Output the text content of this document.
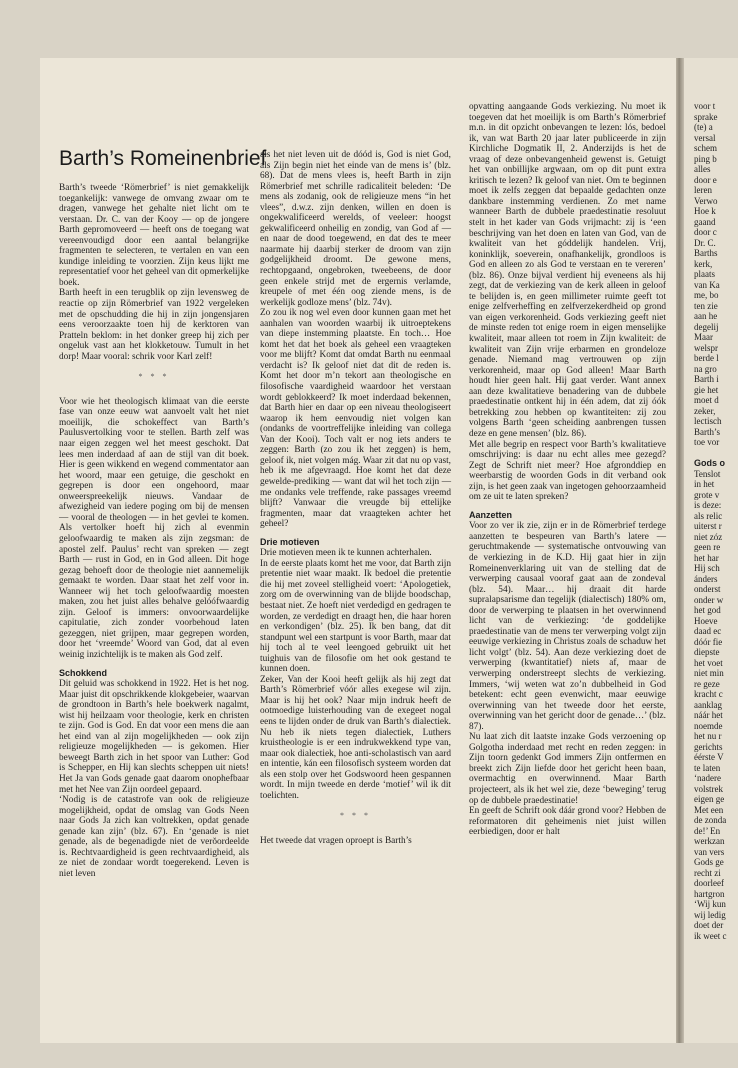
Barth’s Romeinenbrief

Barth’s tweede ‘Römerbrief’ is niet gemakkelijk toegankelijk: vanwege de omvang zwaar om te dragen, vanwege het gehalte niet licht om te verstaan. Dr. C. van der Kooy — op de jongere Barth gepromoveerd — heeft ons de toegang wat vereenvoudigd door een aantal belangrijke fragmenten te selecteren, te vertalen en van een kundige inleiding te voorzien. Zijn keus lijkt me representatief voor het geheel van dit opmerkelijke boek.

Barth heeft in een terugblik op zijn levensweg de reactie op zijn Römerbrief van 1922 vergeleken met de opschudding die hij in zijn jongensjaren eens veroorzaakte toen hij de kerktoren van Pratteln beklom: in het donker greep hij zich per ongeluk vast aan het klokketouw. Tumult in het dorp! Maar vooral: schrik voor Karl zelf!

* * *

Voor wie het theologisch klimaat van die eerste fase van onze eeuw wat aanvoelt valt het niet moeilijk, die schokeffect van Barth’s Paulusvertolking voor te stellen. Barth zelf was naar eigen zeggen wel het meest geschokt. Dat lees men inderdaad af aan de stijl van dit boek. Hier is geen wikkend en wegend commentator aan het woord, maar een getuige, die geschokt en gegrepen is door een ongehoord, maar onweerspreekelijk nieuws. Vandaar de afwezigheid van iedere poging om bij de mensen — vooral de theologen — in het gevlei te komen. Als vertolker hoeft hij zich al evenmin geloofwaardig te maken als zijn zegsman: de apostel zelf. Paulus’ recht van spreken — zegt Barth — rust in God, en in God alleen. Dit hoge gezag behoeft door de theologie niet aannemelijk gemaakt te worden. Daar staat het zelf voor in. Wanneer wij het toch geloofwaardig moesten maken, zou het juist alles behalve gelóófwaardig zijn. Geloof is immers: onvoorwaardelijke capitulatie, zich zonder voorbehoud laten gezeggen, niet grijpen, maar gegrepen worden, door het ‘vreemde’ Woord van God, dat al even weinig inzichtelijk is te maken als God zelf.

Schokkend

Dit geluid was schokkend in 1922. Het is het nog. Maar juist dit opschrikkende klokgebeier, waarvan de grondtoon in Barth’s hele boekwerk nagalmt, wist hij heilzaam voor theologie, kerk en christen te zijn. God is God. En dat voor een mens die aan het eind van al zijn mogelijkheden — ook zijn religieuze mogelijkheden — is gekomen. Hier beweegt Barth zich in het spoor van Luther: God is Schepper, en Hij kan slechts scheppen uit niets! Het Ja van Gods genade gaat daarom onophefbaar met het Nee van Zijn oordeel gepaard.

‘Nodig is de catastrofe van ook de religieuze mogelijkheid, opdat de omslag van Gods Neen naar Gods Ja zich kan voltrekken, opdat genade genade kan zijn’ (blz. 67). En ‘genade is niet genade, als de begenadigde niet de verŏordeelde is. Rechtvaardigheid is geen rechtvaardigheid, als ze niet de zondaar wordt toegerekend. Leven is niet leven

als het niet leven uit de dóód is, God is niet God, als Zijn begin niet het einde van de mens is’ (blz. 68). Dat de mens vlees is, heeft Barth in zijn Römerbrief met schrille radicaliteit beleden: ‘De mens als zodanig, ook de religieuze mens “in het vlees”, d.w.z. zijn denken, willen en doen is ongekwalificeerd werelds, of veeleer: hoogst gekwalificeerd onheilig en zondig, van God af — en naar de dood toegewend, en dat des te meer naarmate hij daarbij sterker de droom van zijn godgelijkheid droomt. De gewone mens, rechtopgaand, ongebroken, tweebeens, de door geen enkele strijd met de ergernis verlamde, kreupele of met één oog ziende mens, is de werkelijk godloze mens’ (blz. 74v).

Zo zou ik nog wel even door kunnen gaan met het aanhalen van woorden waarbij ik uitroeptekens van diepe instemming plaatste. En toch… Hoe komt het dat het boek als geheel een vraagteken voor me blijft? Komt dat omdat Barth nu eenmaal verdacht is? Ik geloof niet dat dit de reden is. Komt het door m’n tekort aan theologische en filosofische vaardigheid waardoor het verstaan wordt geblokkeerd? Ik moet inderdaad bekennen, dat Barth hier en daar op een niveau theologiseert waarop ik hem eenvoudig niet volgen kan (ondanks de voortreffelijke inleiding van collega Van der Kooi). Toch valt er nog iets anders te zeggen: Barth (zo zou ik het zeggen) is hem, geloof ik, niet volgen mág. Waar zit dat nu op vast, heb ik me afgevraagd. Hoe komt het dat deze gewelde-prediking — want dat wil het toch zijn — me ondanks vele treffende, rake passages vreemd blijft? Vanwaar die vreugde bij ettelijke fragmenten, maar dat vraagteken achter het geheel?

Drie motieven

Drie motieven meen ik te kunnen achterhalen.

In de eerste plaats komt het me voor, dat Barth zijn pretentie niet waar maakt. Ik bedoel die pretentie die hij met zoveel stelligheid voert: ‘Apologetiek, zorg om de overwinning van de blijde boodschap, bestaat niet. Ze hoeft niet verdedigd en gedragen te worden, ze verdedigt en draagt hen, die haar horen en verkondigen’ (blz. 25). Ik ben bang, dat dit standpunt wel een startpunt is voor Barth, maar dat hij toch al te veel leengoed gebruikt uit het tuighuis van de filosofie om het ook gestand te kunnen doen.

Zeker, Van der Kooi heeft gelijk als hij zegt dat Barth’s Römerbrief vóór alles exegese wil zijn. Maar is hij het ook? Naar mijn indruk heeft de ootmoedige luisterhouding van de exegeet nogal eens te lijden onder de druk van Barth’s dialectiek. Nu heb ik niets tegen dialectiek, Luthers kruistheologie is er een indrukwekkend type van, maar ook dialectiek, hoe anti-scholastisch van aard en intentie, kán een filosofisch systeem worden dat als een stolp over het Godswoord heen gespannen wordt. In mijn tweede en derde ‘motief’ wil ik dit toelichten.

* * *

Het tweede dat vragen oproept is Barth’s

opvatting aangaande Gods verkiezing. Nu moet ik toegeven dat het moeilijk is om Barth’s Römerbrief m.n. in dit opzicht onbevangen te lezen: lós, bedoel ik, van wat Barth 20 jaar later publiceerde in zijn Kirchliche Dogmatik II, 2. Anderzijds is het de vraag of deze onbevangenheid gewenst is. Getuigt het van onbillijke argwaan, om op dit punt extra kritisch te lezen? Ik geloof van niet. Om te beginnen moet ik zelfs zeggen dat bepaalde gedachten onze dankbare instemming verdienen. Zo met name wanneer Barth de dubbele praedestinatie resoluut stelt in het kader van Gods vrijmacht: zij is ‘een beschrijving van het doen en laten van God, van de kwaliteit van het góddelijk handelen. Vrij, koninklijk, soeverein, onafhankelijk, grondloos is God en alleen zo als God te verstaan en te vereren’ (blz. 86). Onze bijval verdient hij eveneens als hij zegt, dat de verkiezing van de kerk alleen in geloof te belijden is, en geen millimeter ruimte geeft tot enige zelfverheffing en zelfverzekerdheid op grond van eigen verkorenheid. Gods verkiezing geeft niet de minste reden tot enige roem in eigen menselijke kwaliteit, maar alleen tot roem in Zijn kwaliteit: de kwaliteit van Zijn vrije erbarmen en grondeloze genade. Niemand mag vertrouwen op zijn verkorenheid, maar op God alleen! Maar Barth houdt hier geen halt. Hij gaat verder. Want annex aan deze kwalitatieve benadering van de dubbele praedestinatie ontkent hij in één adem, dat zij óók betrekking zou hebben op kwantiteiten: zij zou volgens Barth ‘geen scheiding aanbrengen tussen deze en gene mensen’ (blz. 86).

Met alle begrip en respect voor Barth’s kwalitatieve omschrijving: is daar nu echt alles mee gezegd? Zegt de Schrift niet meer? Hoe afgronddiep en weerbarstig de woorden Gods in dit verband ook zijn, is het geen zaak van ingetogen gehoorzaamheid om ze uit te laten spreken?

Aanzetten

Voor zo ver ik zie, zijn er in de Römerbrief terdege aanzetten te bespeuren van Barth’s latere — geruchtmakende — systematische ontvouwing van de verkiezing in de K.D. Hij gaat hier in zijn Romeinenverklaring uit van de stelling dat de verwerping causaal vooraf gaat aan de zondeval (blz. 54). Maar… hij draait dit harde supralapsarisme dan tegelijk (dialectisch) 180% om, door de verwerping te plaatsen in het overwinnend licht van de verkiezing: ‘de goddelijke praedestinatie van de mens ter verwerping volgt zijn eeuwige verkiezing in Christus zoals de schaduw het licht volgt’ (blz. 54). Aan deze verkiezing doet de verwerping (kwantitatief) niets af, maar de verwerping onderstreept slechts de verkiezing. Immers, ‘wij weten wat zo’n dubbelheid in God betekent: echt geen evenwicht, maar eeuwige overwinning van het tweede door het eerste, overwinning van het gericht door de genade…’ (blz. 87).

Nu laat zich dit laatste inzake Gods verzoening op Golgotha inderdaad met recht en reden zeggen: in Zijn toorn gedenkt God immers Zijn ontfermen en breekt zich Zijn liefde door het gericht heen baan, overmachtig en overwinnend. Maar Barth projecteert, als ik het wel zie, deze ‘beweging’ terug op de dubbele praedestinatie!

En geeft de Schrift ook dáár grond voor? Hebben de reformatoren dit geheimenis niet juist willen eerbiedigen, door er halt

voor t
sprake
(te) a
versal
schem
ping b
alles
door e
leren
Verwo
Hoe k
gaand
door c
Dr. C.
Barths
kerk,
plaats
van Ka
me, bo
ten zie
aan he
degelij
Maar
welspr
berde l
na gro
Barth i
gie het
moet d
zeker,
lectisch
Barth’s
toe vor
Gods o
Tenslot
in het
grote v
is deze:
als relic
uiterst r
niet zóz
geen re
het har
Hij sch
ánders
onderst
onder w
het god
Hoeve
daad ec
dóór fie
diepste
het voet
niet min
re geze
kracht c
aanklag
náár het
noemde
het nu r
gerichts
éérste V
te laten
‘nadere
volstrek
eigen ge
Met een
de zonda
de!’ En
werkzan
van vers
Gods ge
recht zi
doorleef
hartgron
‘Wij kun
wij ledig
doet der
ik weet c
